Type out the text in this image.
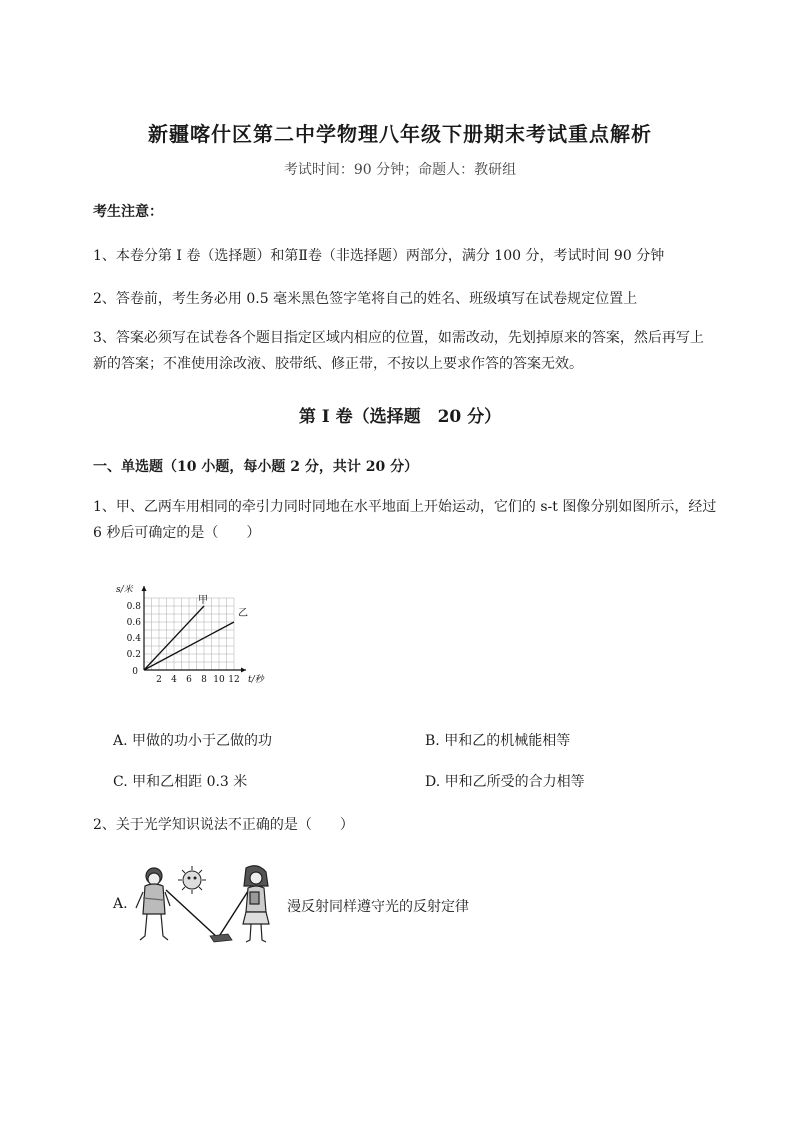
新疆喀什区第二中学物理八年级下册期末考试重点解析
考试时间：90 分钟；命题人：教研组
考生注意：
1、本卷分第 I 卷（选择题）和第Ⅱ卷（非选择题）两部分，满分 100 分，考试时间 90 分钟
2、答卷前，考生务必用 0.5 毫米黑色签字笔将自己的姓名、班级填写在试卷规定位置上
3、答案必须写在试卷各个题目指定区域内相应的位置，如需改动，先划掉原来的答案，然后再写上新的答案；不准使用涂改液、胶带纸、修正带，不按以上要求作答的答案无效。
第 I 卷（选择题　20 分）
一、单选题（10 小题，每小题 2 分，共计 20 分）
1、甲、乙两车用相同的牵引力同时同地在水平地面上开始运动，它们的 s-t 图像分别如图所示，经过 6 秒后可确定的是（　　）
2 4 6 8 10 12
0.2
0.4
0.6
0.8
0
s/米
t/秒
甲
乙
A. 甲做的功小于乙做的功	B. 甲和乙的机械能相等
C. 甲和乙相距 0.3 米	D. 甲和乙所受的合力相等
2、关于光学知识说法不正确的是（　　）
A.	漫反射同样遵守光的反射定律
